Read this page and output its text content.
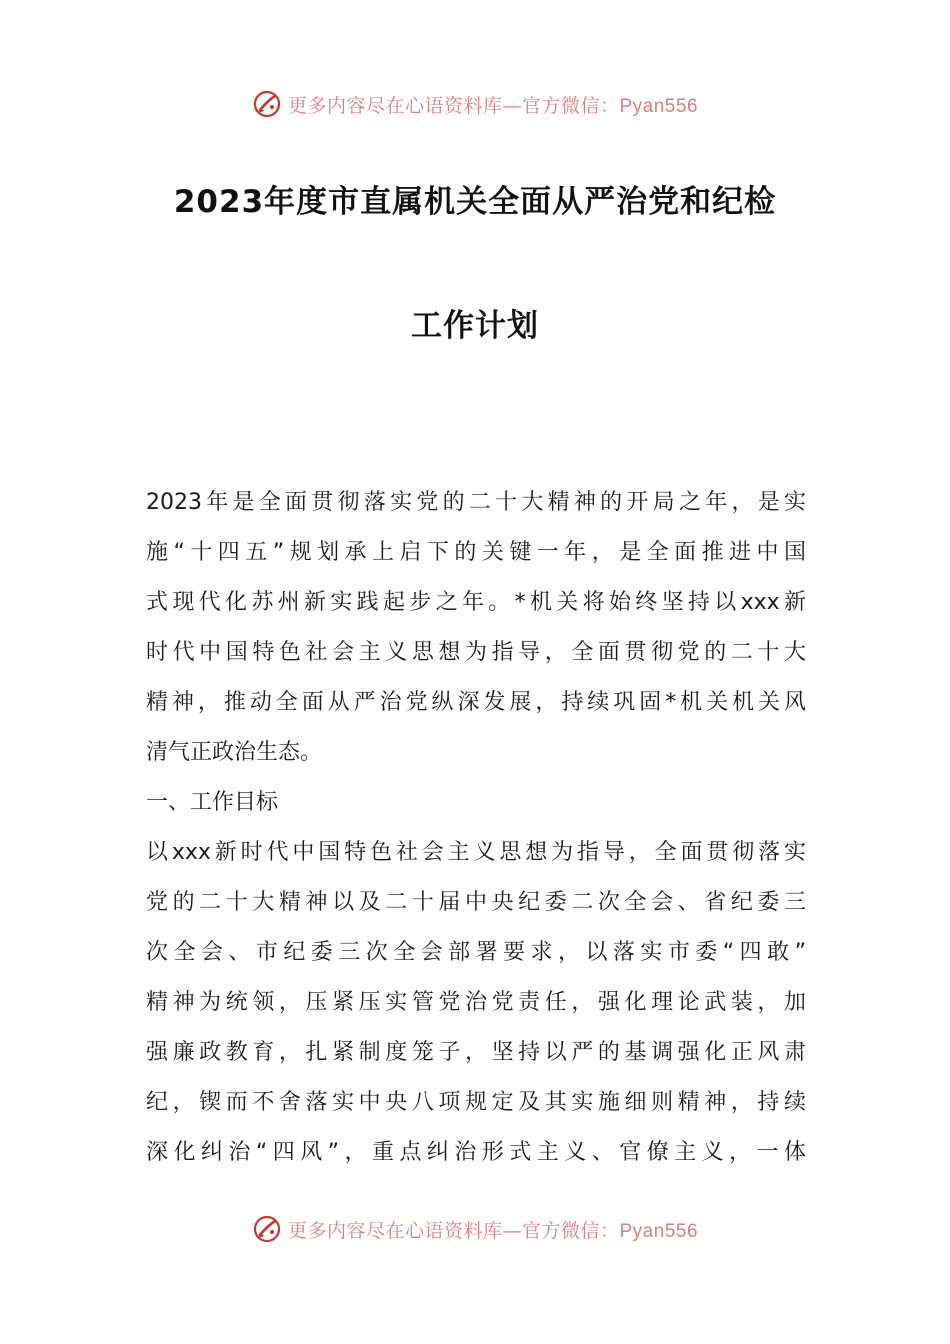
更多内容尽在心语资料库—官方微信：Pyan556
2023年度市直属机关全面从严治党和纪检
工作计划
2023年是全面贯彻落实党的二十大精神的开局之年，是实
施“十四五”规划承上启下的关键一年，是全面推进中国
式现代化苏州新实践起步之年。*机关将始终坚持以xxx新
时代中国特色社会主义思想为指导，全面贯彻党的二十大
精神，推动全面从严治党纵深发展，持续巩固*机关机关风
清气正政治生态。
一、工作目标
以xxx新时代中国特色社会主义思想为指导，全面贯彻落实
党的二十大精神以及二十届中央纪委二次全会、省纪委三
次全会、市纪委三次全会部署要求，以落实市委“四敢”
精神为统领，压紧压实管党治党责任，强化理论武装，加
强廉政教育，扎紧制度笼子，坚持以严的基调强化正风肃
纪，锲而不舍落实中央八项规定及其实施细则精神，持续
深化纠治“四风”，重点纠治形式主义、官僚主义，一体
更多内容尽在心语资料库—官方微信：Pyan556
